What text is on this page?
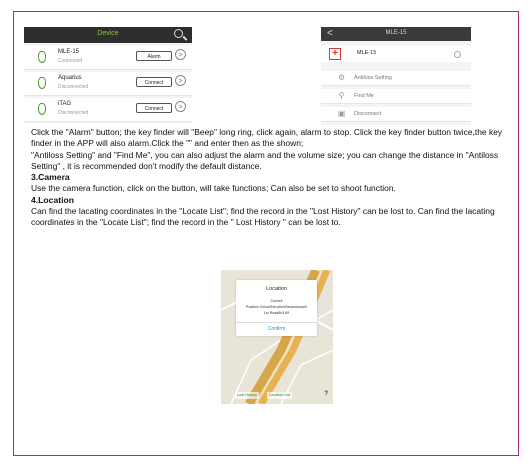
Device
MLE-15
Connected
Alarm	>
Aquarius
Disconnected
Connect	>
iTAG
Disconnected
Connect	>
<	MLE-15
+	MLE-15
⚙ Antiloss Setting
⚲ Find Me
▣ Disconnect

Click the "Alarm" button; the key finder will "Beep" long ring, click again, alarm to stop. Click the key finder button twice,the key finder in the APP will also alarm.Click the "" and enter then as the shown;

"Antiloss Setting" and "Find Me", you can also adjust the alarm and the volume size; you can change the distance in "Antiloss Setting" , it is recommended don't modify the default distance.

3.Camera

Use the camera function, click on the button, will take functions; Can also be set to shoot function.

4.Location

Can find the lacating coordinates in the "Locate List"; find the record in the "Lost History" can be lost to. Can find the lacating coordinates in the "Locate List"; find the record in the " Lost History " can be lost to.

Location
Current
Position ChinaShenzhenBaoanduowei
1st Road8h3.89
Confirm
Lost History	Location List	?
